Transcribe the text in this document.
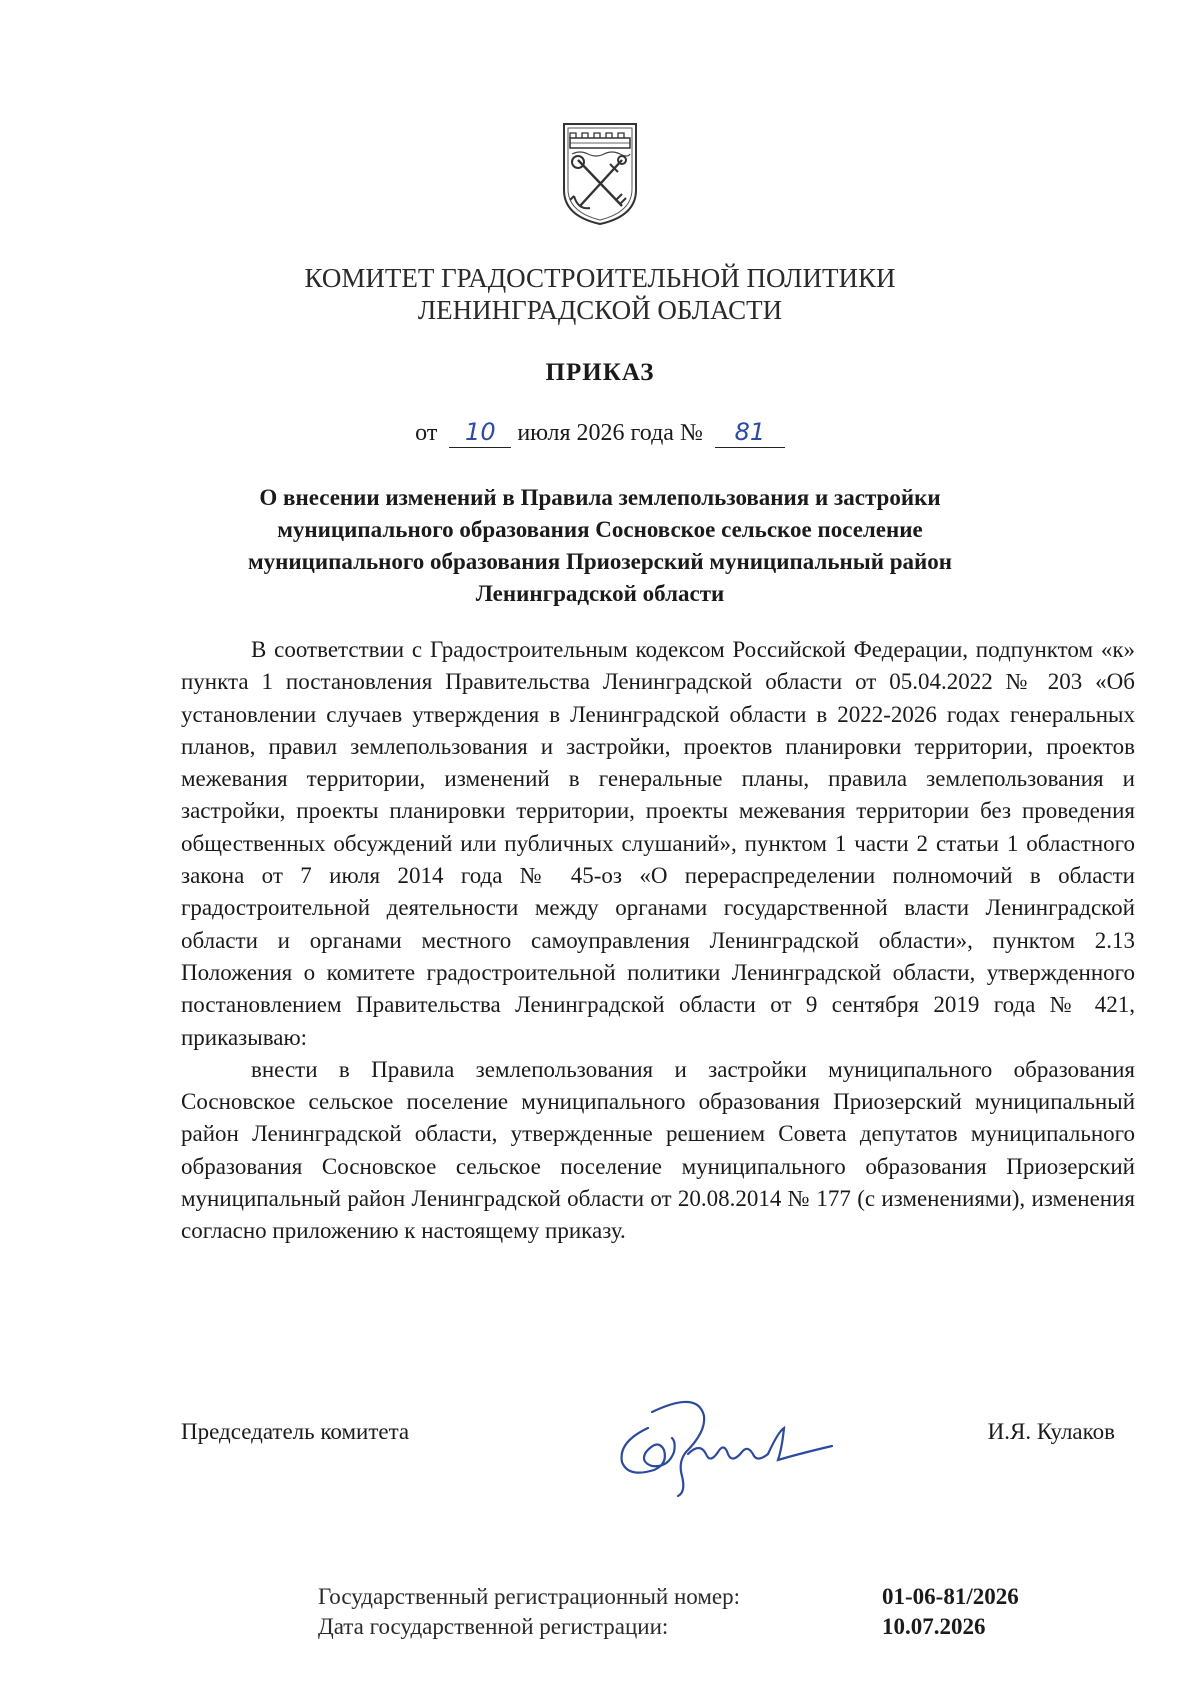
КОМИТЕТ ГРАДОСТРОИТЕЛЬНОЙ ПОЛИТИКИ
ЛЕНИНГРАДСКОЙ ОБЛАСТИ
ПРИКАЗ
от 10 июля 2026 года № 81
О внесении изменений в Правила землепользования и застройки
муниципального образования Сосновское сельское поселение
муниципального образования Приозерский муниципальный район
Ленинградской области

В соответствии с Градостроительным кодексом Российской Федерации, подпунктом «к» пункта 1 постановления Правительства Ленинградской области от 05.04.2022 № 203 «Об установлении случаев утверждения в Ленинградской области в 2022-2026 годах генеральных планов, правил землепользования и застройки, проектов планировки территории, проектов межевания территории, изменений в генеральные планы, правила землепользования и застройки, проекты планировки территории, проекты межевания территории без проведения общественных обсуждений или публичных слушаний», пунктом 1 части 2 статьи 1 областного закона от 7 июля 2014 года № 45-оз «О перераспределении полномочий в области градостроительной деятельности между органами государственной власти Ленинградской области и органами местного самоуправления Ленинградской области», пунктом 2.13 Положения о комитете градостроительной политики Ленинградской области, утвержденного постановлением Правительства Ленинградской области от 9 сентября 2019 года № 421, приказываю:

внести в Правила землепользования и застройки муниципального образования Сосновское сельское поселение муниципального образования Приозерский муниципальный район Ленинградской области, утвержденные решением Совета депутатов муниципального образования Сосновское сельское поселение муниципального образования Приозерский муниципальный район Ленинградской области от 20.08.2014 № 177 (с изменениями), изменения согласно приложению к настоящему приказу.

Председатель комитета	И.Я. Кулаков
Государственный регистрационный номер:
Дата государственной регистрации:
01-06-81/2026
10.07.2026
